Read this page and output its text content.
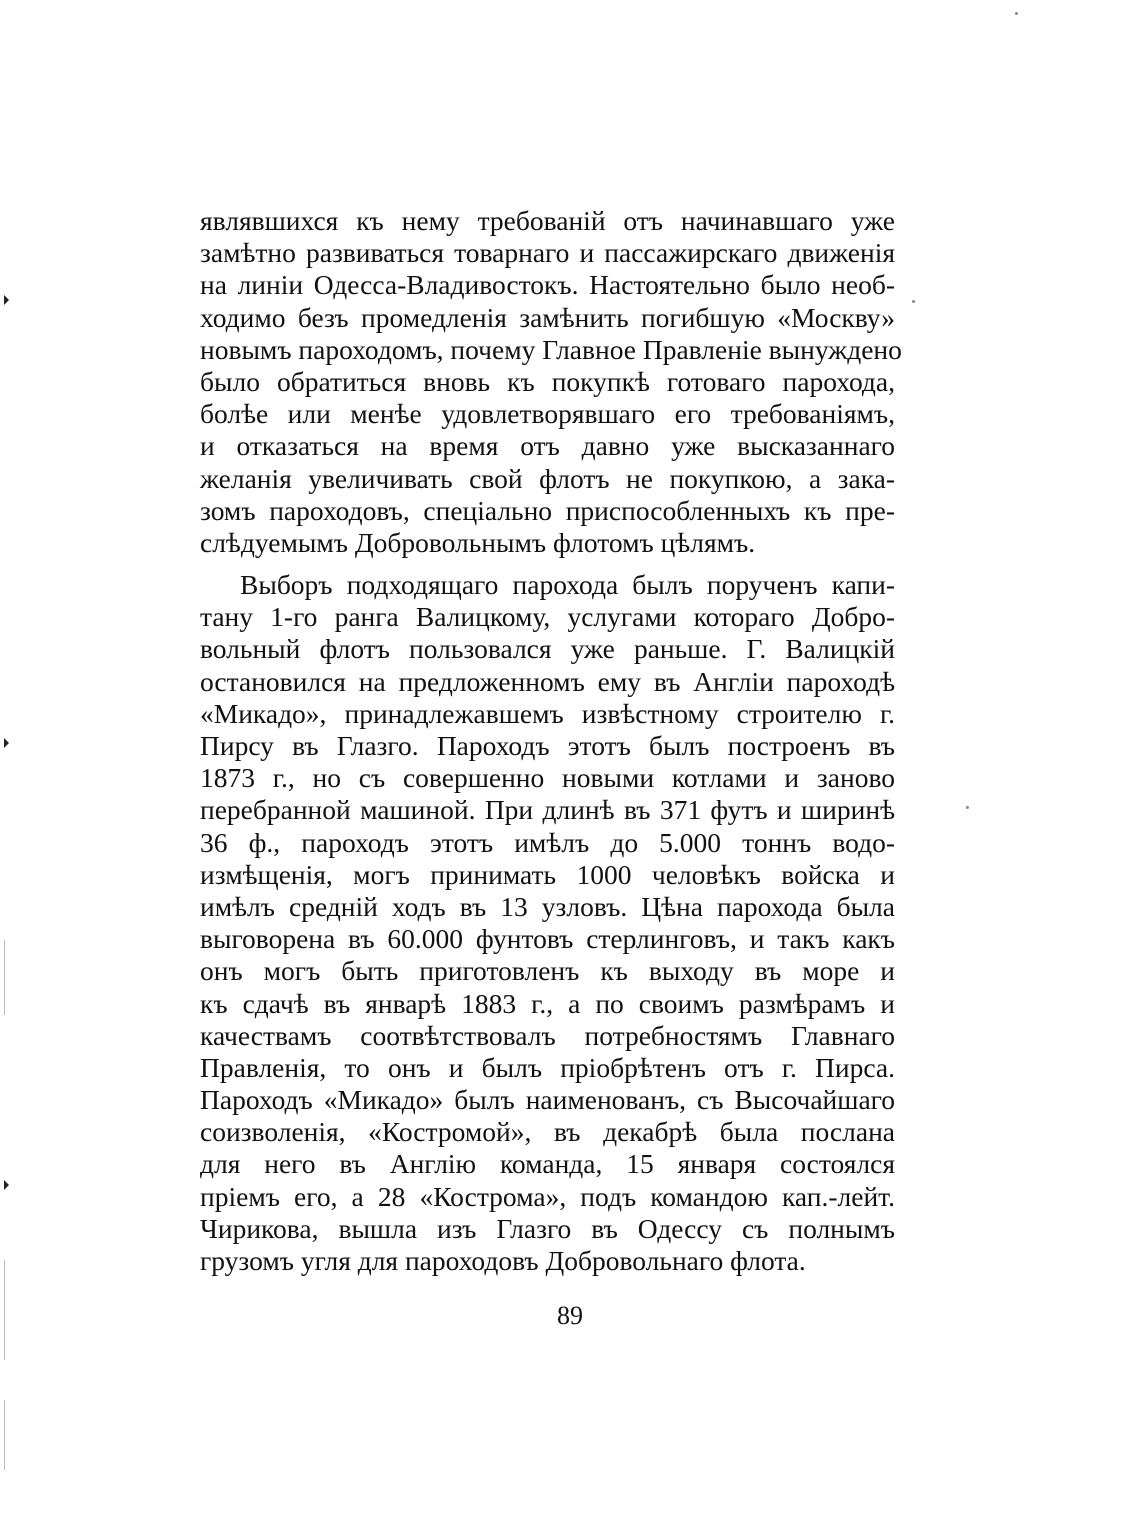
являвшихся къ нему требованій отъ начинавшаго уже
замѣтно развиваться товарнаго и пассажирскаго движенія
на линіи Одесса-Владивостокъ. Настоятельно было необ-
ходимо безъ промедленія замѣнить погибшую «Москву»
новымъ пароходомъ, почему Главное Правленіе вынуждено
было обратиться вновь къ покупкѣ готоваго парохода,
болѣе или менѣе удовлетворявшаго его требованіямъ,
и отказаться на время отъ давно уже высказаннаго
желанія увеличивать свой флотъ не покупкою, а зака-
зомъ пароходовъ, спеціально приспособленныхъ къ пре-
слѣдуемымъ Добровольнымъ флотомъ цѣлямъ.
Выборъ подходящаго парохода былъ порученъ капи-
тану 1-го ранга Валицкому, услугами котораго Добро-
вольный флотъ пользовался уже раньше. Г. Валицкій
остановился на предложенномъ ему въ Англіи пароходѣ
«Микадо», принадлежавшемъ извѣстному строителю г.
Пирсу въ Глазго. Пароходъ этотъ былъ построенъ въ
1873 г., но съ совершенно новыми котлами и заново
перебранной машиной. При длинѣ въ 371 футъ и ширинѣ
36 ф., пароходъ этотъ имѣлъ до 5.000 тоннъ водо-
измѣщенія, могъ принимать 1000 человѣкъ войска и
имѣлъ средній ходъ въ 13 узловъ. Цѣна парохода была
выговорена въ 60.000 фунтовъ стерлинговъ, и такъ какъ
онъ могъ быть приготовленъ къ выходу въ море и
къ сдачѣ въ январѣ 1883 г., а по своимъ размѣрамъ и
качествамъ соотвѣтствовалъ потребностямъ Главнаго
Правленія, то онъ и былъ пріобрѣтенъ отъ г. Пирса.
Пароходъ «Микадо» былъ наименованъ, съ Высочайшаго
соизволенія, «Костромой», въ декабрѣ была послана
для него въ Англію команда, 15 января состоялся
пріемъ его, а 28 «Кострома», подъ командою кап.-лейт.
Чирикова, вышла изъ Глазго въ Одессу съ полнымъ
грузомъ угля для пароходовъ Добровольнаго флота.
89
